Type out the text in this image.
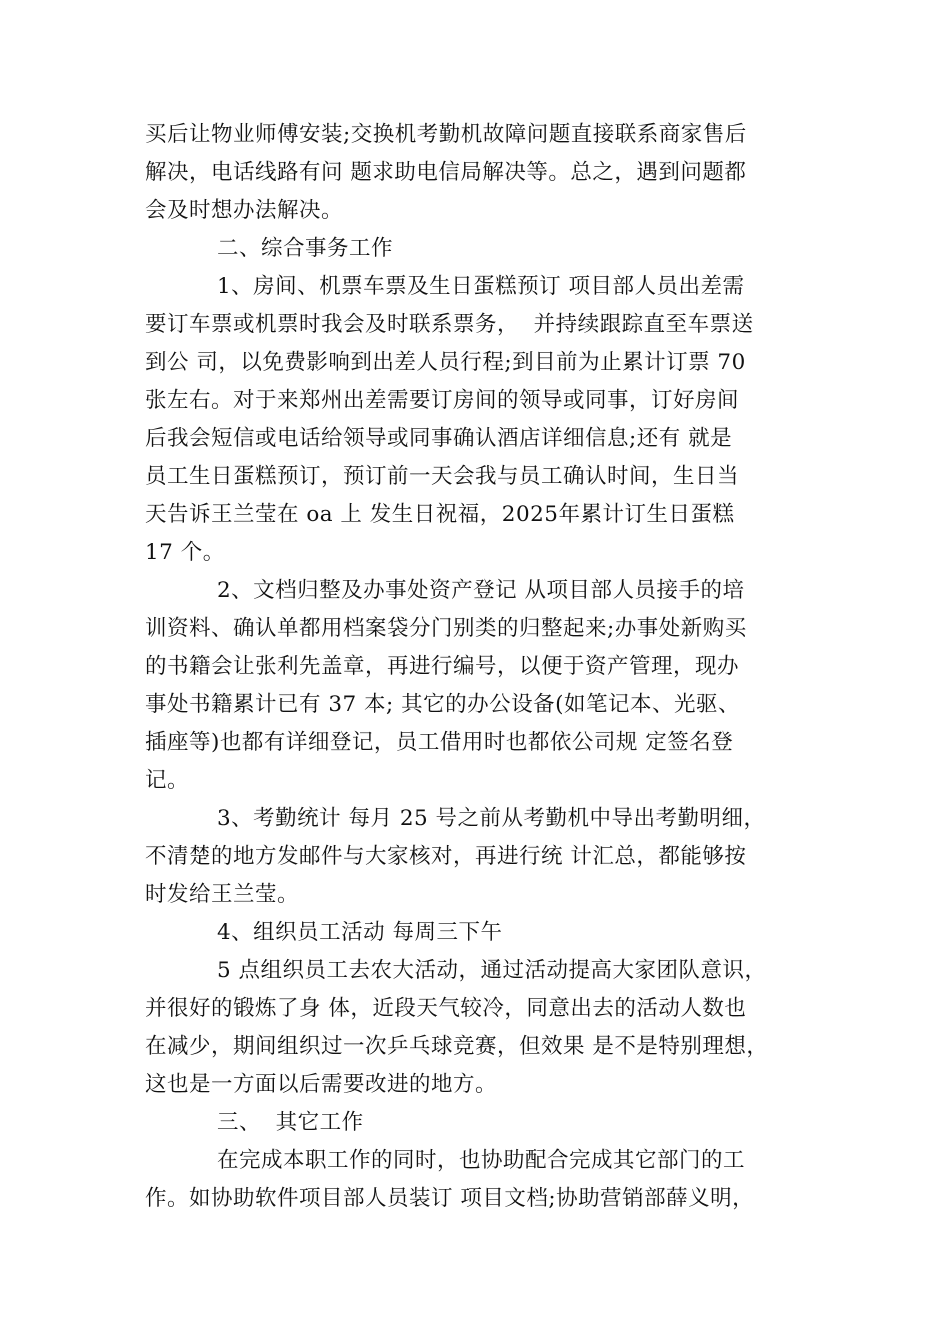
买后让物业师傅安装;交换机考勤机故障问题直接联系商家售后
解决，电话线路有问 题求助电信局解决等。总之，遇到问题都
会及时想办法解决。
二、综合事务工作
1、房间、机票车票及生日蛋糕预订 项目部人员出差需
要订车票或机票时我会及时联系票务，  并持续跟踪直至车票送
到公 司，以免费影响到出差人员行程;到目前为止累计订票 70
张左右。对于来郑州出差需要订房间的领导或同事，订好房间
后我会短信或电话给领导或同事确认酒店详细信息;还有 就是
员工生日蛋糕预订，预订前一天会我与员工确认时间，生日当
天告诉王兰莹在 oa 上 发生日祝福，2025年累计订生日蛋糕
17 个。
2、文档归整及办事处资产登记 从项目部人员接手的培
训资料、确认单都用档案袋分门别类的归整起来;办事处新购买
的书籍会让张利先盖章，再进行编号，以便于资产管理，现办
事处书籍累计已有 37 本; 其它的办公设备(如笔记本、光驱、
插座等)也都有详细登记，员工借用时也都依公司规 定签名登
记。
3、考勤统计 每月 25 号之前从考勤机中导出考勤明细，
不清楚的地方发邮件与大家核对，再进行统 计汇总，都能够按
时发给王兰莹。
4、组织员工活动 每周三下午
5 点组织员工去农大活动，通过活动提高大家团队意识，
并很好的锻炼了身 体，近段天气较冷，同意出去的活动人数也
在减少，期间组织过一次乒乓球竞赛，但效果 是不是特别理想，
这也是一方面以后需要改进的地方。
三、  其它工作
在完成本职工作的同时，也协助配合完成其它部门的工
作。如协助软件项目部人员装订 项目文档;协助营销部薛义明，
